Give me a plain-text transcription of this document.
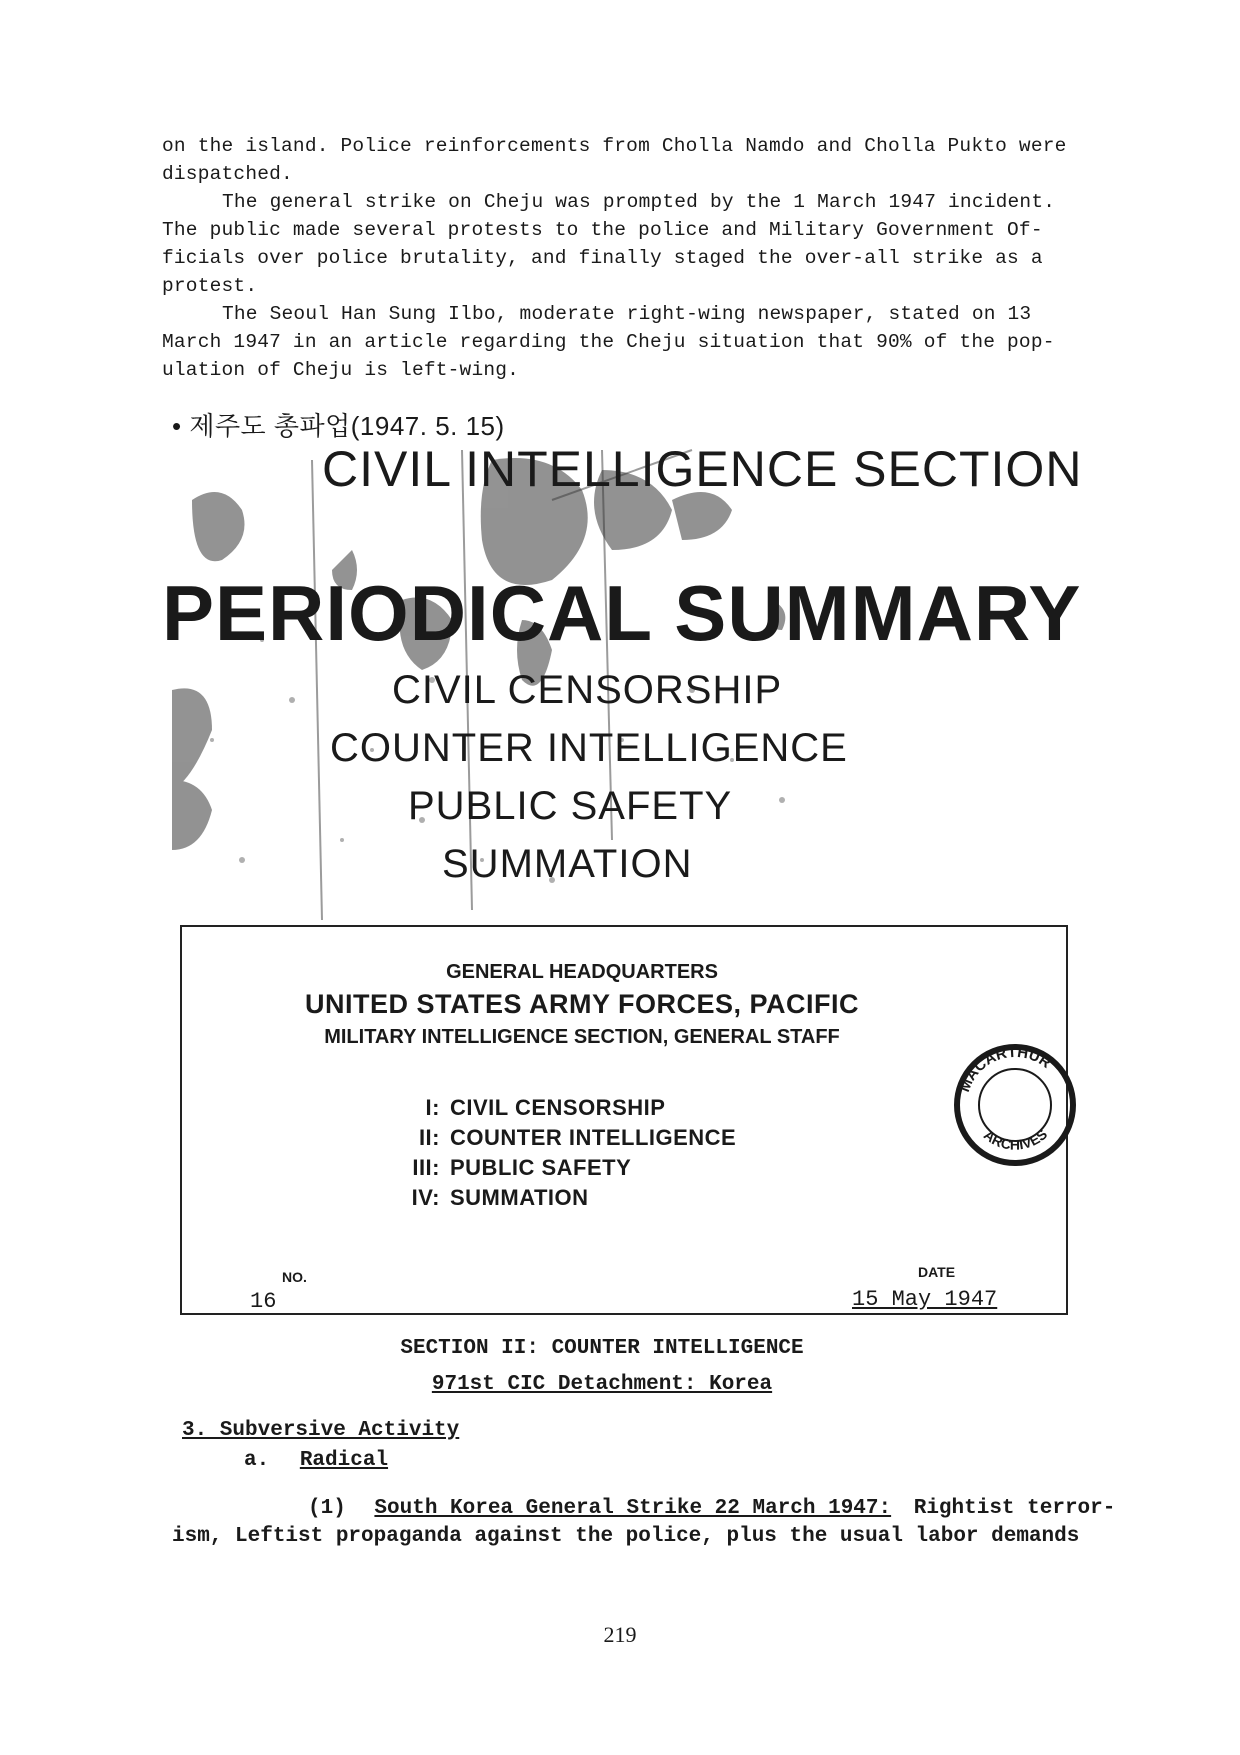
on the island. Police reinforcements from Cholla Namdo and Cholla Pukto were

dispatched.

The general strike on Cheju was prompted by the 1 March 1947 incident.

The public made several protests to the police and Military Government Of-

ficials over police brutality, and finally staged the over-all strike as a

protest.

The Seoul Han Sung Ilbo, moderate right-wing newspaper, stated on 13

March 1947 in an article regarding the Cheju situation that 90% of the pop-

ulation of Cheju is left-wing.

• 제주도 총파업(1947. 5. 15)
CIVIL INTELLIGENCE SECTION
PERIODICAL SUMMARY
CIVIL CENSORSHIP
COUNTER INTELLIGENCE
PUBLIC SAFETY
SUMMATION
GENERAL HEADQUARTERS
UNITED STATES ARMY FORCES, PACIFIC
MILITARY INTELLIGENCE SECTION, GENERAL STAFF
I: CIVIL CENSORSHIP
II: COUNTER INTELLIGENCE
III: PUBLIC SAFETY
IV: SUMMATION
NO.
16
DATE
15 May 1947
MACARTHUR
ARCHIVES
SECTION II: COUNTER INTELLIGENCE
971st CIC Detachment: Korea
3. Subversive Activity
a. Radical
(1) South Korea General Strike 22 March 1947: Rightist terror-
ism, Leftist propaganda against the police, plus the usual labor demands
219
